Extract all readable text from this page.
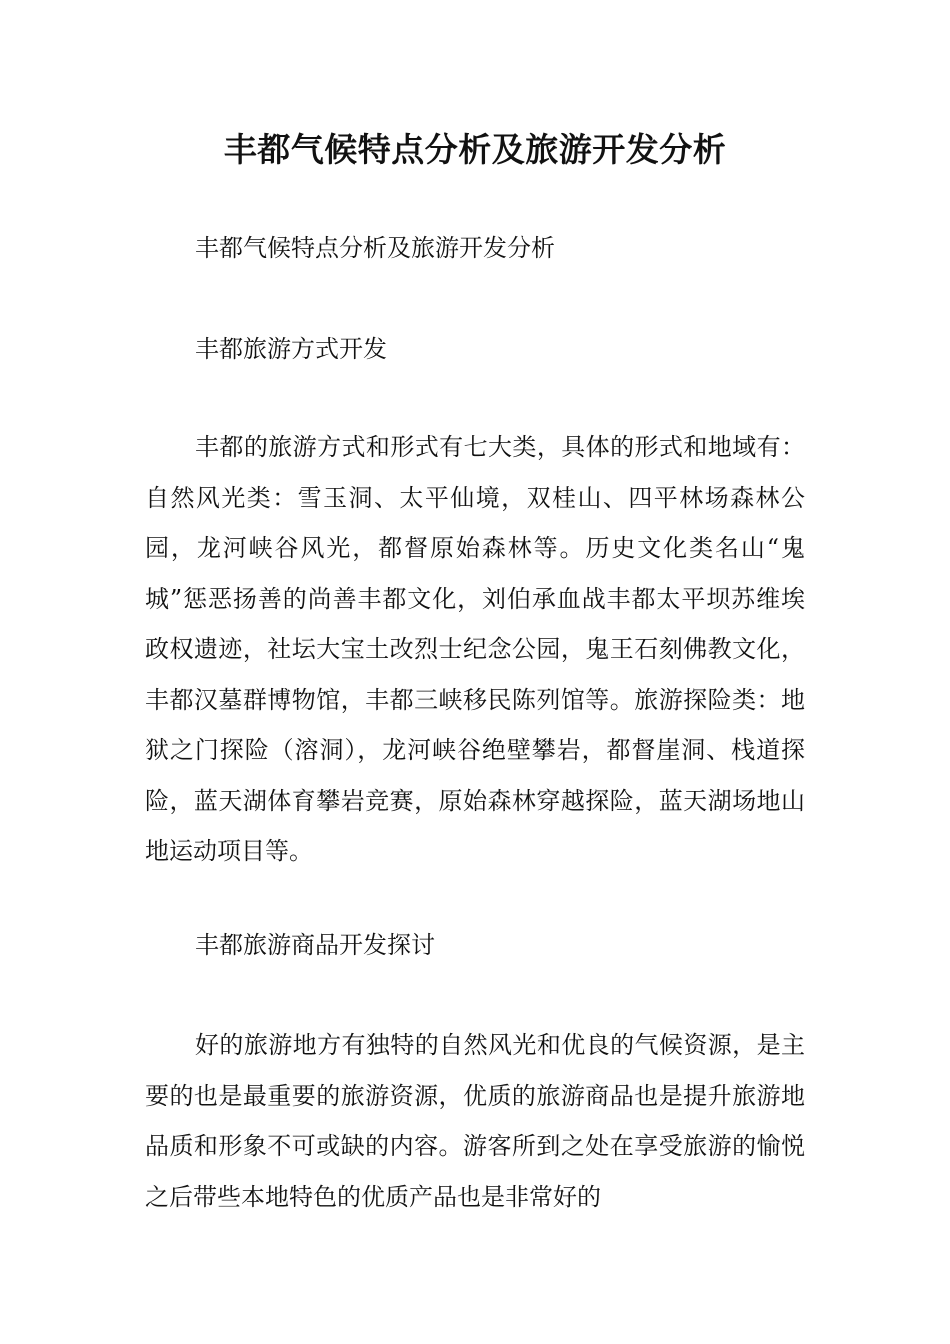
丰都气候特点分析及旅游开发分析

丰都气候特点分析及旅游开发分析

丰都旅游方式开发

丰都的旅游方式和形式有七大类，具体的形式和地域有：自然风光类：雪玉洞、太平仙境，双桂山、四平林场森林公园，龙河峡谷风光，都督原始森林等。历史文化类名山“鬼城”惩恶扬善的尚善丰都文化，刘伯承血战丰都太平坝苏维埃政权遗迹，社坛大宝土改烈士纪念公园，鬼王石刻佛教文化，丰都汉墓群博物馆，丰都三峡移民陈列馆等。旅游探险类：地狱之门探险（溶洞），龙河峡谷绝壁攀岩，都督崖洞、栈道探险，蓝天湖体育攀岩竞赛，原始森林穿越探险，蓝天湖场地山地运动项目等。

丰都旅游商品开发探讨

好的旅游地方有独特的自然风光和优良的气候资源，是主要的也是最重要的旅游资源，优质的旅游商品也是提升旅游地品质和形象不可或缺的内容。游客所到之处在享受旅游的愉悦之后带些本地特色的优质产品也是非常好的
